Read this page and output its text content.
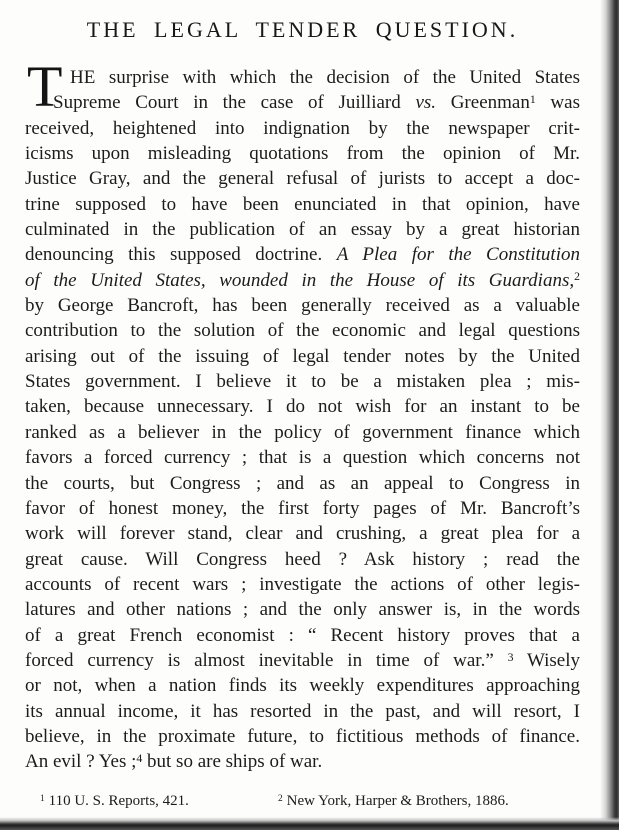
THE LEGAL TENDER QUESTION.
T HE surprise with which the decision of the United States
Supreme Court in the case of Juilliard vs. Greenman$^1$ was
received, heightened into indignation by the newspaper crit-
icisms upon misleading quotations from the opinion of Mr.
Justice Gray, and the general refusal of jurists to accept a doc-
trine supposed to have been enunciated in that opinion, have
culminated in the publication of an essay by a great historian
denouncing this supposed doctrine. A Plea for the Constitution
of the United States, wounded in the House of its Guardians,$^2$
by George Bancroft, has been generally received as a valuable
contribution to the solution of the economic and legal questions
arising out of the issuing of legal tender notes by the United
States government. I believe it to be a mistaken plea ; mis-
taken, because unnecessary. I do not wish for an instant to be
ranked as a believer in the policy of government finance which
favors a forced currency ; that is a question which concerns not
the courts, but Congress ; and as an appeal to Congress in
favor of honest money, the first forty pages of Mr. Bancroft’s
work will forever stand, clear and crushing, a great plea for a
great cause. Will Congress heed ? Ask history ; read the
accounts of recent wars ; investigate the actions of other legis-
latures and other nations ; and the only answer is, in the words
of a great French economist : “ Recent history proves that a
forced currency is almost inevitable in time of war.” $^3$ Wisely
or not, when a nation finds its weekly expenditures approaching
its annual income, it has resorted in the past, and will resort, I
believe, in the proximate future, to fictitious methods of finance.
An evil ? Yes ;$^4$ but so are ships of war.
$^1$ 110 U. S. Reports, 421.	$^2$ New York, Harper & Brothers, 1886.
